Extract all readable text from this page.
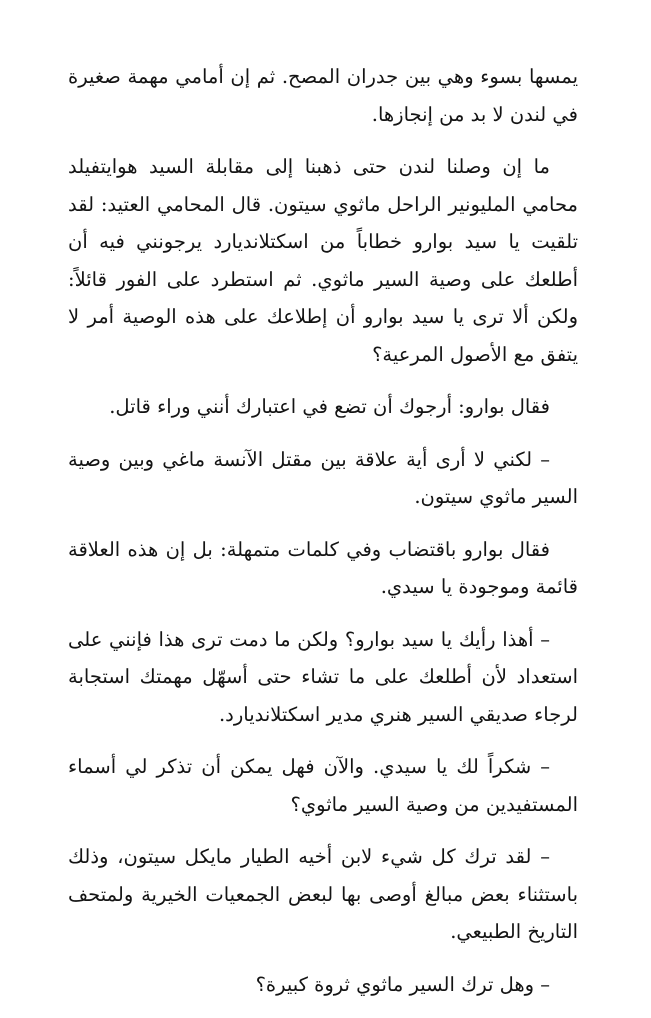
يمسها بسوء وهي بين جدران المصح. ثم إن أمامي مهمة صغيرة في لندن لا بد من إنجازها.

ما إن وصلنا لندن حتى ذهبنا إلى مقابلة السيد هوايتفيلد محامي المليونير الراحل ماثوي سيتون. قال المحامي العتيد: لقد تلقيت يا سيد بوارو خطاباً من اسكتلانديارد يرجونني فيه أن أطلعك على وصية السير ماثوي. ثم استطرد على الفور قائلاً: ولكن ألا ترى يا سيد بوارو أن إطلاعك على هذه الوصية أمر لا يتفق مع الأصول المرعية؟

فقال بوارو: أرجوك أن تضع في اعتبارك أنني وراء قاتل.

– لكني لا أرى أية علاقة بين مقتل الآنسة ماغي وبين وصية السير ماثوي سيتون.

فقال بوارو باقتضاب وفي كلمات متمهلة: بل إن هذه العلاقة قائمة وموجودة يا سيدي.

– أهذا رأيك يا سيد بوارو؟ ولكن ما دمت ترى هذا فإنني على استعداد لأن أطلعك على ما تشاء حتى أسهّل مهمتك استجابة لرجاء صديقي السير هنري مدير اسكتلانديارد.

– شكراً لك يا سيدي. والآن فهل يمكن أن تذكر لي أسماء المستفيدين من وصية السير ماثوي؟

– لقد ترك كل شيء لابن أخيه الطيار مايكل سيتون، وذلك باستثناء بعض مبالغ أوصى بها لبعض الجمعيات الخيرية ولمتحف التاريخ الطبيعي.

– وهل ترك السير ماثوي ثروة كبيرة؟
